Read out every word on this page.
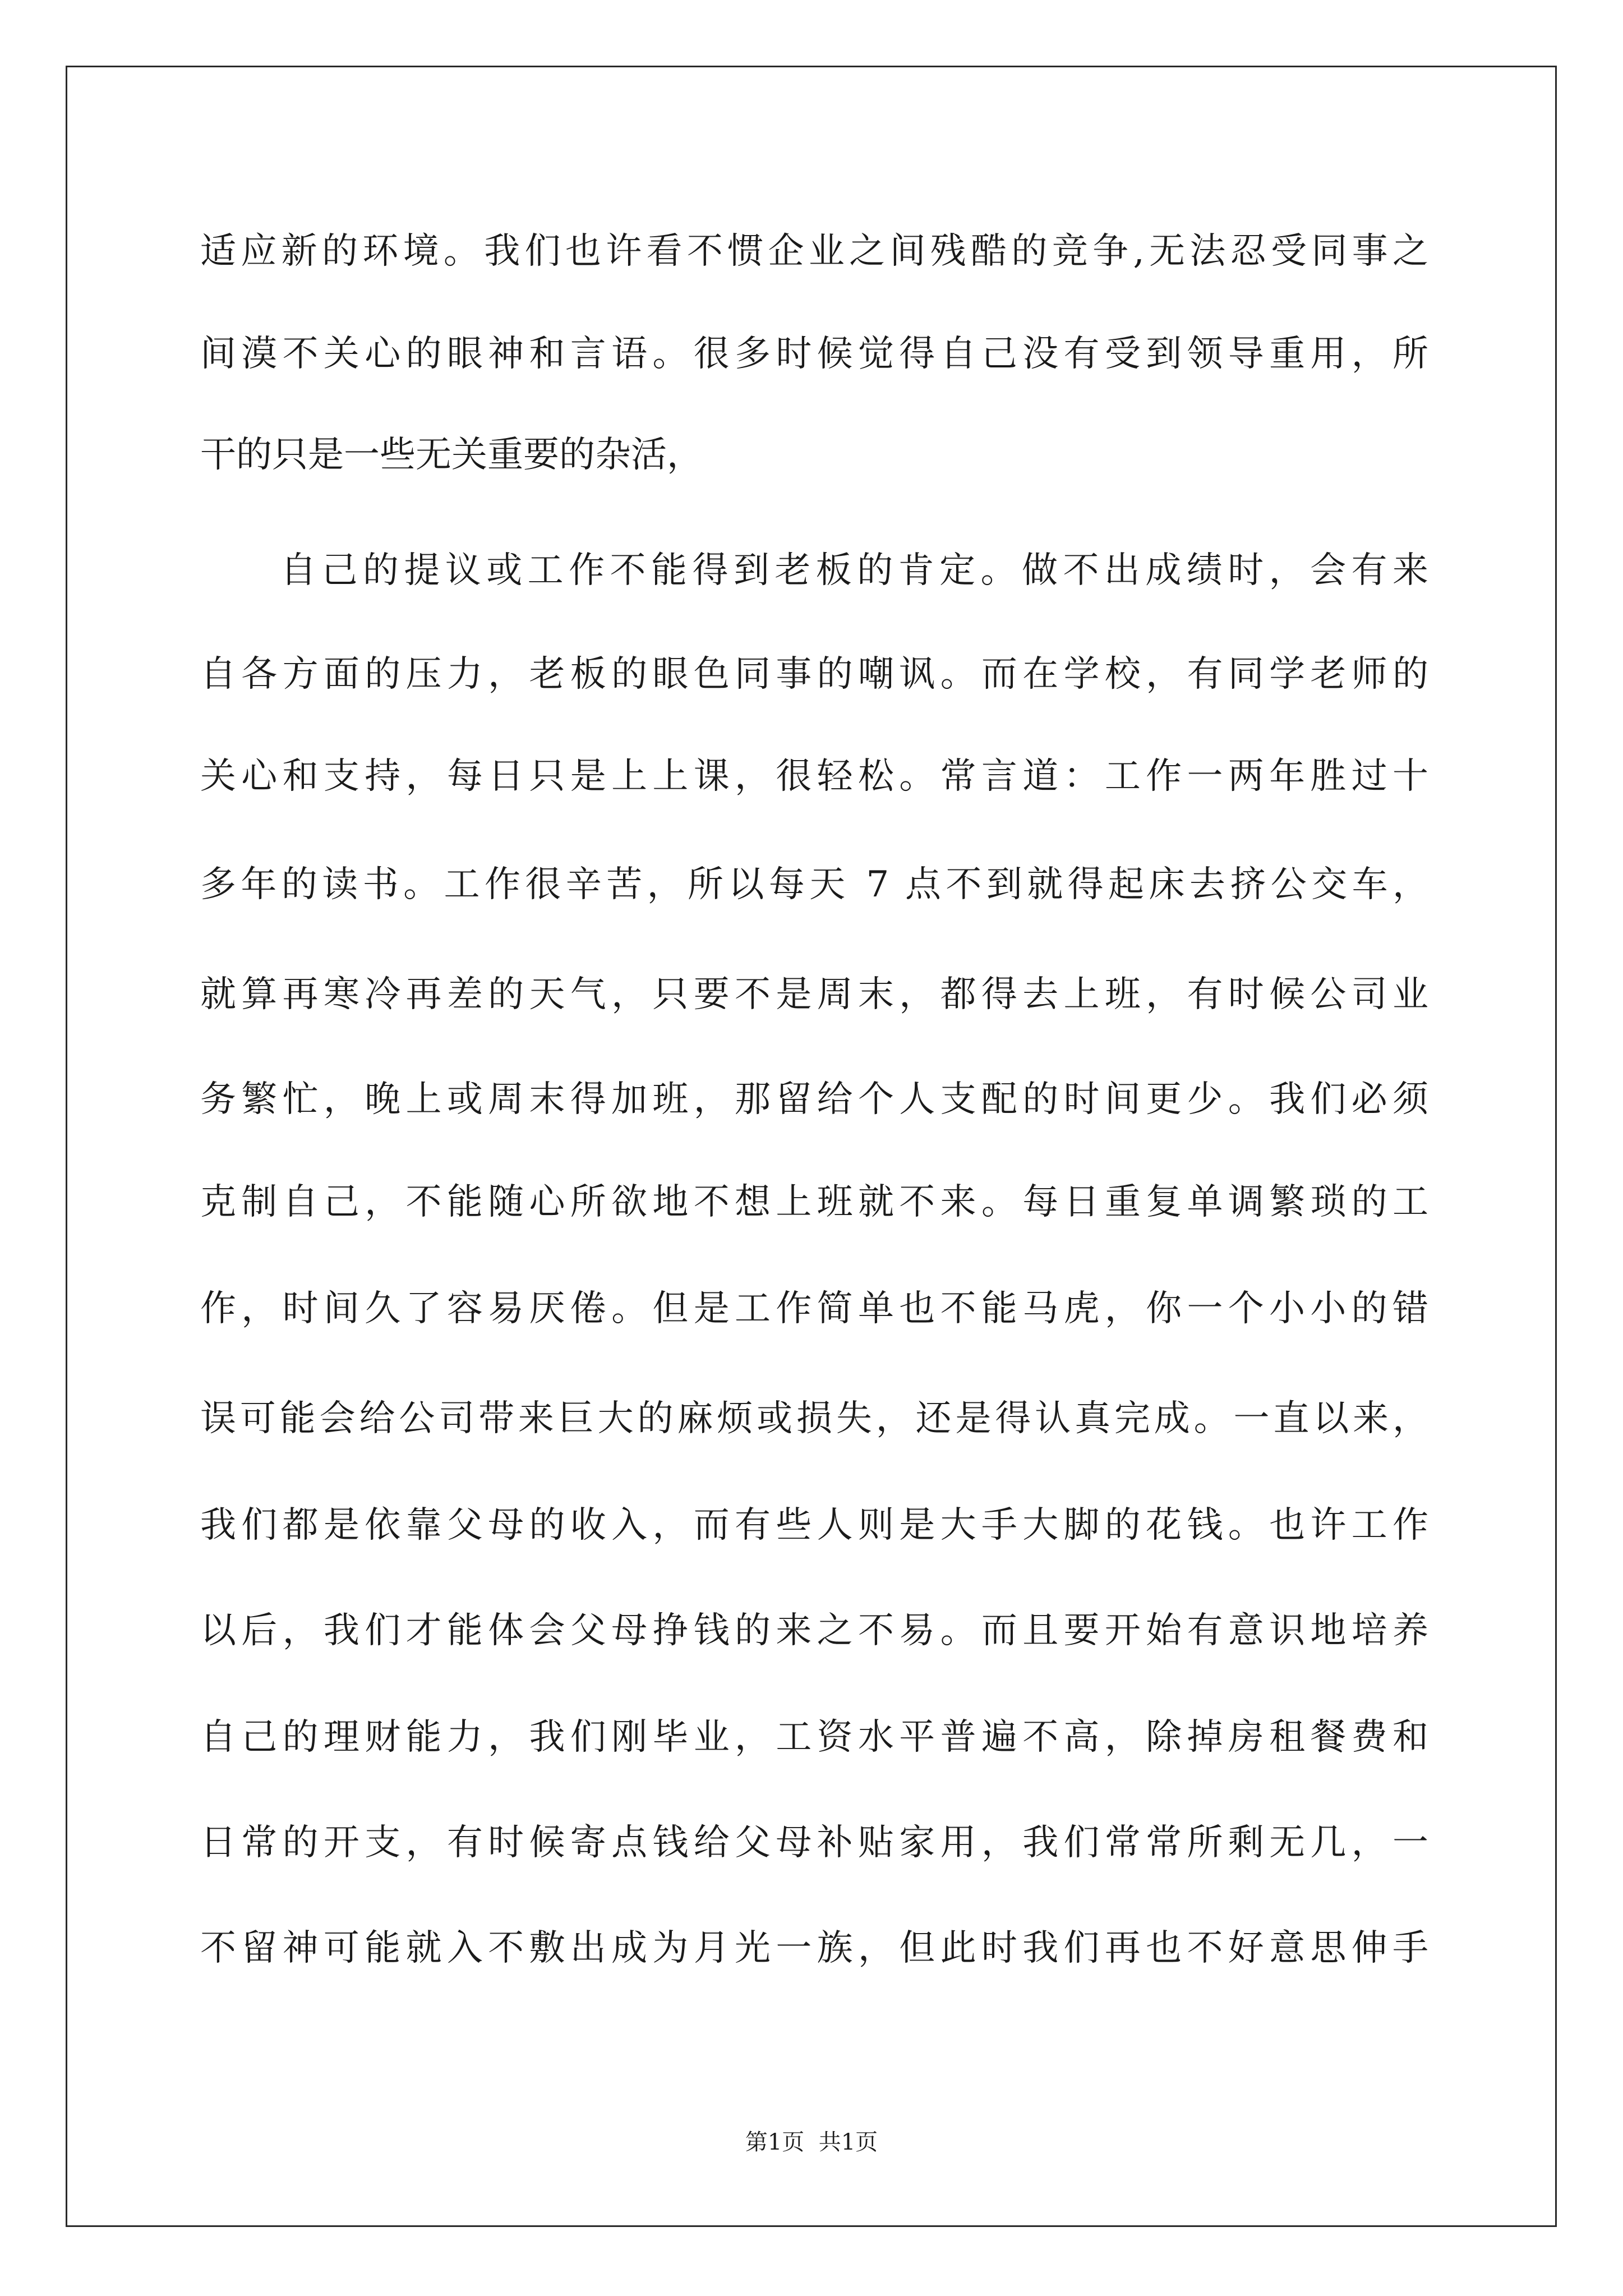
适应新的环境。我们也许看不惯企业之间残酷的竞争,无法忍受同事之
间漠不关心的眼神和言语。很多时候觉得自己没有受到领导重用，所
干的只是一些无关重要的杂活，
自己的提议或工作不能得到老板的肯定。做不出成绩时，会有来
自各方面的压力，老板的眼色同事的嘲讽。而在学校，有同学老师的
关心和支持，每日只是上上课，很轻松。常言道：工作一两年胜过十
多年的读书。工作很辛苦，所以每天 7 点不到就得起床去挤公交车，
就算再寒冷再差的天气，只要不是周末，都得去上班，有时候公司业
务繁忙，晚上或周末得加班，那留给个人支配的时间更少。我们必须
克制自己，不能随心所欲地不想上班就不来。每日重复单调繁琐的工
作，时间久了容易厌倦。但是工作简单也不能马虎，你一个小小的错
误可能会给公司带来巨大的麻烦或损失，还是得认真完成。一直以来，
我们都是依靠父母的收入，而有些人则是大手大脚的花钱。也许工作
以后，我们才能体会父母挣钱的来之不易。而且要开始有意识地培养
自己的理财能力，我们刚毕业，工资水平普遍不高，除掉房租餐费和
日常的开支，有时候寄点钱给父母补贴家用，我们常常所剩无几，一
不留神可能就入不敷出成为月光一族，但此时我们再也不好意思伸手
第1页  共1页
